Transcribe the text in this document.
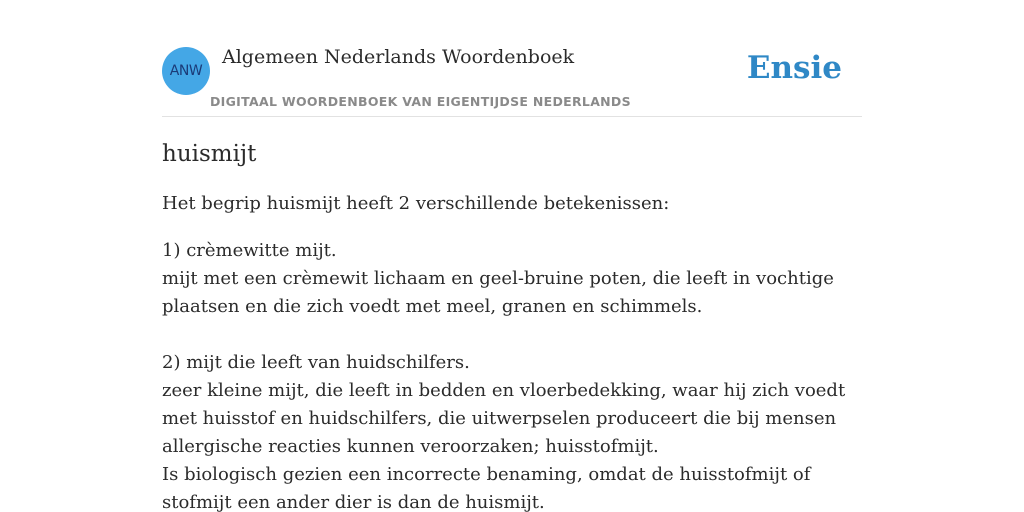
ANW
Algemeen Nederlands Woordenboek
DIGITAAL WOORDENBOEK VAN EIGENTIJDSE NEDERLANDS
Ensie
huismijt

Het begrip huismijt heeft 2 verschillende betekenissen:

1) crèmewitte mijt.
mijt met een crèmewit lichaam en geel-bruine poten, die leeft in vochtige plaatsen en die zich voedt met meel, granen en schimmels.
2) mijt die leeft van huidschilfers.
zeer kleine mijt, die leeft in bedden en vloerbedekking, waar hij zich voedt met huisstof en huidschilfers, die uitwerpselen produceert die bij mensen allergische reacties kunnen veroorzaken; huisstofmijt.
Is biologisch gezien een incorrecte benaming, omdat de huisstofmijt of stofmijt een ander dier is dan de huismijt.
